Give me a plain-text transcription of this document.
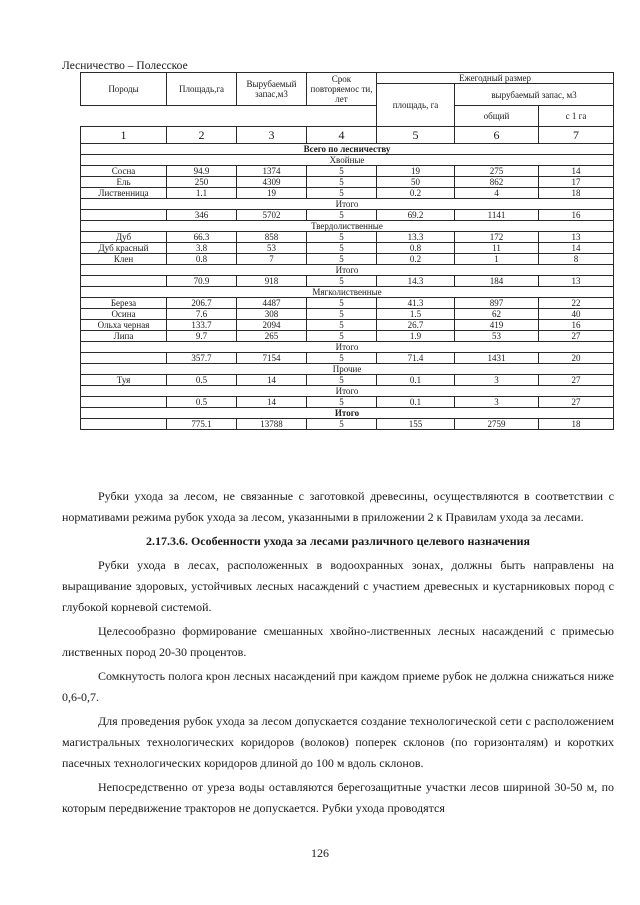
Лесничество – Полесское
Породы	Площадь,га	Вырубаемый запас,м3	Срок повторяемос ти, лет	Ежегодный размер		
				площадь, га	вырубаемый запас, м3	
					общий	с 1 га
1	2	3	4	5	6	7
Всего по лесничеству						
Хвойные						
Сосна	94.9	1374	5	19	275	14
Ель	250	4309	5	50	862	17
Лиственница	1.1	19	5	0.2	4	18
Итого						
	346	5702	5	69.2	1141	16
Твердолиственные						
Дуб	66.3	858	5	13.3	172	13
Дуб красный	3.8	53	5	0.8	11	14
Клен	0.8	7	5	0.2	1	8
Итого						
	70.9	918	5	14.3	184	13
Мягколиственные						
Береза	206.7	4487	5	41.3	897	22
Осина	7.6	308	5	1.5	62	40
Ольха черная	133.7	2094	5	26.7	419	16
Липа	9.7	265	5	1.9	53	27
Итого						
	357.7	7154	5	71.4	1431	20
Прочие						
Туя	0.5	14	5	0.1	3	27
Итого						
	0.5	14	5	0.1	3	27
Итого						
	775.1	13788	5	155	2759	18

Рубки ухода за лесом, не связанные с заготовкой древесины, осуществляются в соответствии с нормативами режима рубок ухода за лесом, указанными в приложении 2 к Правилам ухода за лесами.

2.17.3.6. Особенности ухода за лесами различного целевого назначения

Рубки ухода в лесах, расположенных в водоохранных зонах, должны быть направлены на выращивание здоровых, устойчивых лесных насаждений с участием древесных и кустарниковых пород с глубокой корневой системой.

Целесообразно формирование смешанных хвойно-лиственных лесных насаждений с примесью лиственных пород 20-30 процентов.

Сомкнутость полога крон лесных насаждений при каждом приеме рубок не должна снижаться ниже 0,6-0,7.

Для проведения рубок ухода за лесом допускается создание технологической сети с расположением магистральных технологических коридоров (волоков) поперек склонов (по горизонталям) и коротких пасечных технологических коридоров длиной до 100 м вдоль склонов.

Непосредственно от уреза воды оставляются берегозащитные участки лесов шириной 30-50 м, по которым передвижение тракторов не допускается. Рубки ухода проводятся

126
